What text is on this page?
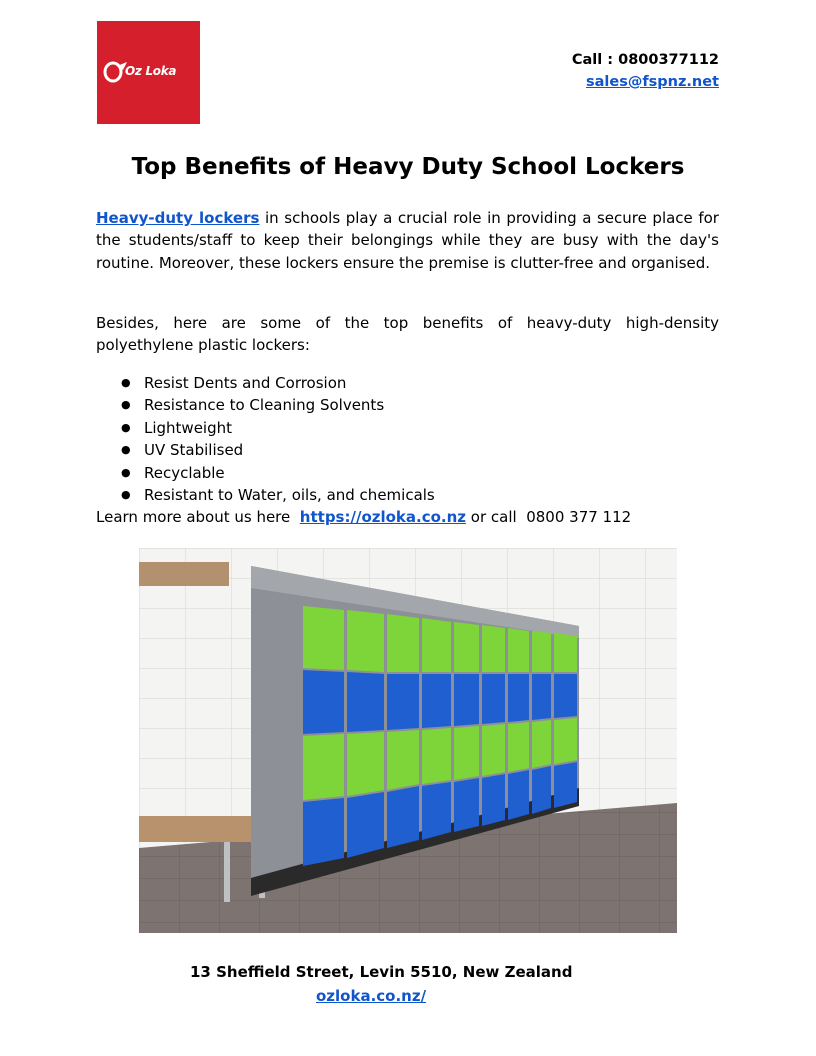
Oz Loka
Call : 0800377112
sales@fspnz.net
Top Benefits of Heavy Duty School Lockers

Heavy-duty lockers in schools play a crucial role in providing a secure place for the students/staff to keep their belongings while they are busy with the day's routine. Moreover, these lockers ensure the premise is clutter-free and organised.

Besides, here are some of the top benefits of heavy-duty high-density polyethylene plastic lockers:

● Resist Dents and Corrosion
● Resistance to Cleaning Solvents
● Lightweight
● UV Stabilised
● Recyclable
● Resistant to Water, oils, and chemicals
Learn more about us here  https://ozloka.co.nz or call  0800 377 112
13 Sheffield Street, Levin 5510, New Zealand
ozloka.co.nz/
